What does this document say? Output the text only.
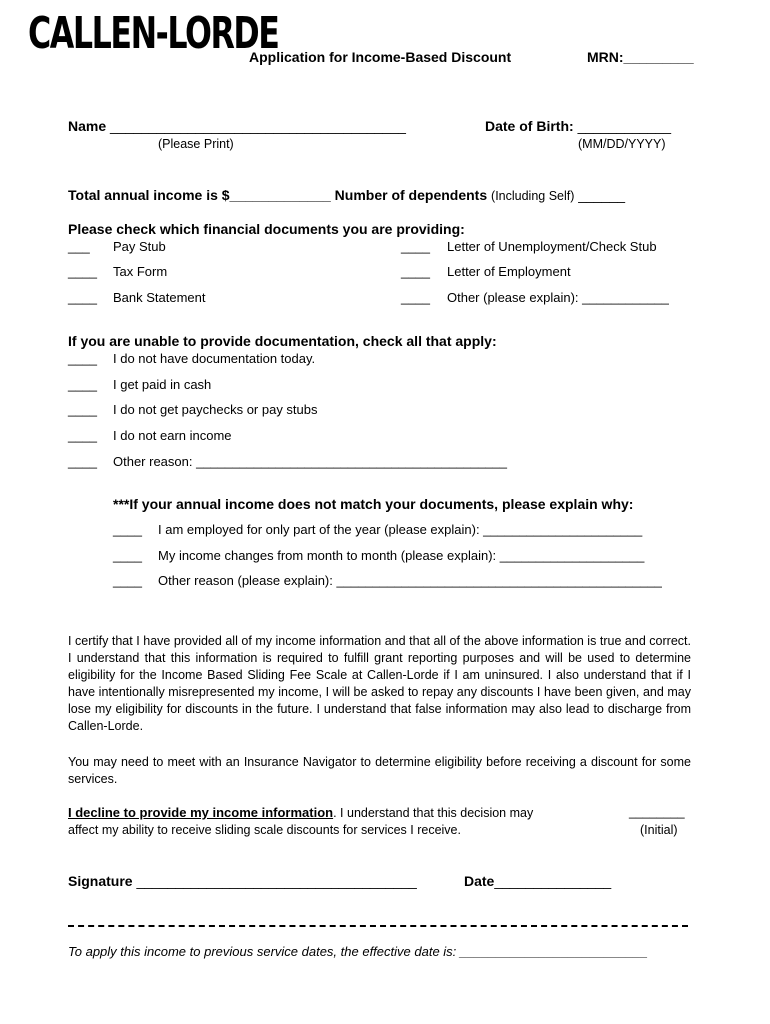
CALLEN-LORDE
Application for Income-Based Discount	MRN:_________
Name ______________________________________
(Please Print)
Date of Birth: ____________
(MM/DD/YYYY)
Total annual income is $_____________ Number of dependents (Including Self) ______
Please check which financial documents you are providing:
___ Pay Stub
____ Tax Form
____ Bank Statement
____ Letter of Unemployment/Check Stub
____ Letter of Employment
____ Other (please explain): ____________
If you are unable to provide documentation, check all that apply:
____ I do not have documentation today.
____ I get paid in cash
____ I do not get paychecks or pay stubs
____ I do not earn income
____ Other reason: ___________________________________________
***If your annual income does not match your documents, please explain why:
____ I am employed for only part of the year (please explain): ______________________
____ My income changes from month to month (please explain): ____________________
____ Other reason (please explain): _____________________________________________
I certify that I have provided all of my income information and that all of the above information is true and correct. I understand that this information is required to fulfill grant reporting purposes and will be used to determine eligibility for the Income Based Sliding Fee Scale at Callen-Lorde if I am uninsured. I also understand that if I have intentionally misrepresented my income, I will be asked to repay any discounts I have been given, and may lose my eligibility for discounts in the future. I understand that false information may also lead to discharge from Callen-Lorde.
You may need to meet with an Insurance Navigator to determine eligibility before receiving a discount for some services.
I decline to provide my income information. I understand that this decision may
affect my ability to receive sliding scale discounts for services I receive.
________
(Initial)
Signature ____________________________________	Date_______________
To apply this income to previous service dates, the effective date is: __________________________
